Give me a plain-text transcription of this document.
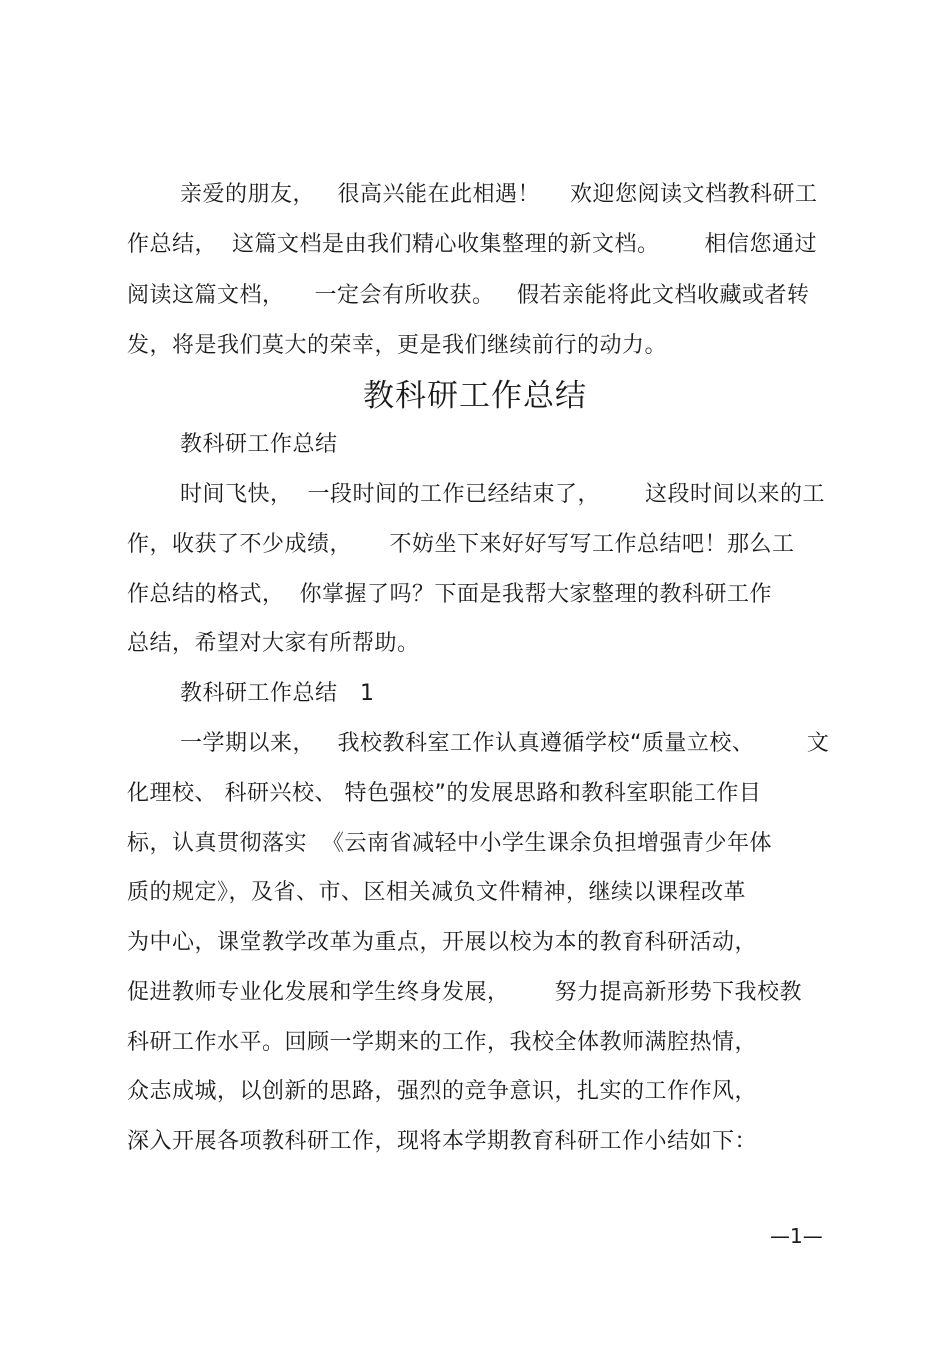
亲爱的朋友，   很高兴能在此相遇！    欢迎您阅读文档教科研工
作总结，  这篇文档是由我们精心收集整理的新文档。      相信您通过
阅读这篇文档，    一定会有所收获。   假若亲能将此文档收藏或者转
发，将是我们莫大的荣幸，更是我们继续前行的动力。
教科研工作总结
教科研工作总结
时间飞快，  一段时间的工作已经结束了，      这段时间以来的工
作，收获了不少成绩，     不妨坐下来好好写写工作总结吧！那么工
作总结的格式，  你掌握了吗？下面是我帮大家整理的教科研工作
总结，希望对大家有所帮助。
教科研工作总结   1
一学期以来，   我校教科室工作认真遵循学校“质量立校、       文
化理校、 科研兴校、 特色强校”的发展思路和教科室职能工作目
标，认真贯彻落实  《云南省减轻中小学生课余负担增强青少年体
质的规定》，及省、市、区相关减负文件精神，继续以课程改革
为中心，课堂教学改革为重点，开展以校为本的教育科研活动，
促进教师专业化发展和学生终身发展，      努力提高新形势下我校教
科研工作水平。回顾一学期来的工作，我校全体教师满腔热情，
众志成城，以创新的思路，强烈的竞争意识，扎实的工作作风，
深入开展各项教科研工作，现将本学期教育科研工作小结如下：
—1—
